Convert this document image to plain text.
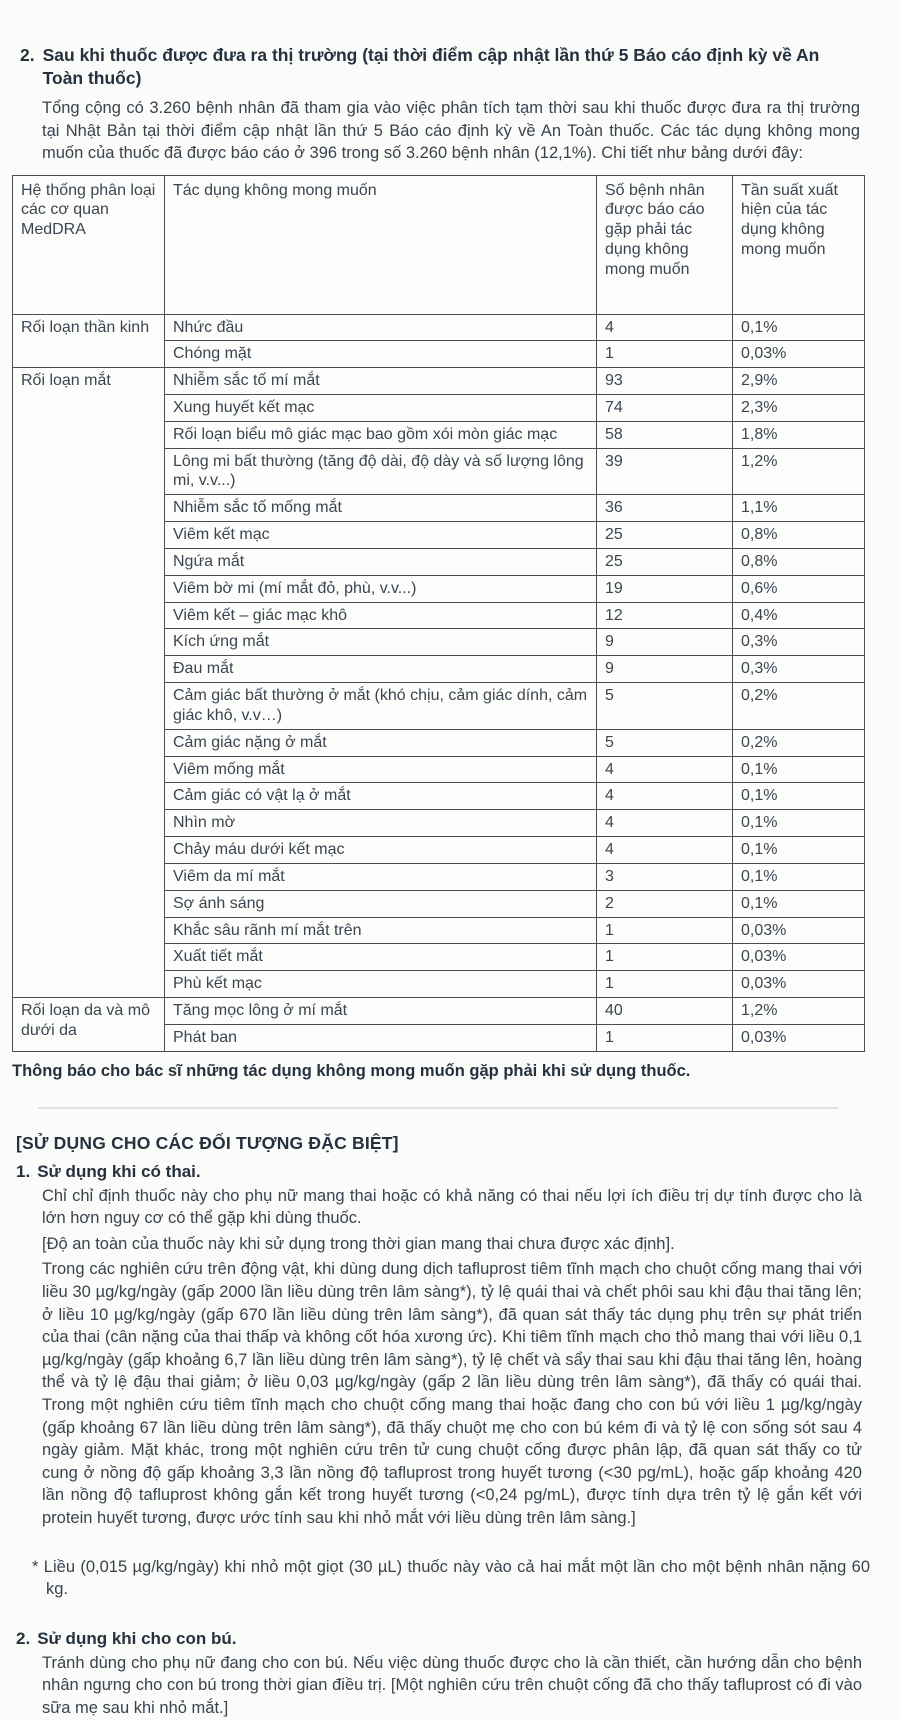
2. Sau khi thuốc được đưa ra thị trường (tại thời điểm cập nhật lần thứ 5 Báo cáo định kỳ về An Toàn thuốc)

Tổng cộng có 3.260 bệnh nhân đã tham gia vào việc phân tích tạm thời sau khi thuốc được đưa ra thị trường tại Nhật Bản tại thời điểm cập nhật lần thứ 5 Báo cáo định kỳ về An Toàn thuốc. Các tác dụng không mong muốn của thuốc đã được báo cáo ở 396 trong số 3.260 bệnh nhân (12,1%). Chi tiết như bảng dưới đây:

Hệ thống phân loại các cơ quan MedDRA	Tác dụng không mong muốn	Số bệnh nhân được báo cáo gặp phải tác dụng không mong muốn	Tần suất xuất hiện của tác dụng không mong muốn
Rối loạn thần kinh	Nhức đầu	4	0,1%
	Chóng mặt	1	0,03%
Rối loạn mắt	Nhiễm sắc tố mí mắt	93	2,9%
	Xung huyết kết mạc	74	2,3%
	Rối loạn biểu mô giác mạc bao gồm xói mòn giác mạc	58	1,8%
	Lông mi bất thường (tăng độ dài, độ dày và số lượng lông mi, v.v...)	39	1,2%
	Nhiễm sắc tố mống mắt	36	1,1%
	Viêm kết mạc	25	0,8%
	Ngứa mắt	25	0,8%
	Viêm bờ mi (mí mắt đỏ, phù, v.v...)	19	0,6%
	Viêm kết – giác mạc khô	12	0,4%
	Kích ứng mắt	9	0,3%
	Đau mắt	9	0,3%
	Cảm giác bất thường ở mắt (khó chịu, cảm giác dính, cảm giác khô, v.v…)	5	0,2%
	Cảm giác nặng ở mắt	5	0,2%
	Viêm mống mắt	4	0,1%
	Cảm giác có vật lạ ở mắt	4	0,1%
	Nhìn mờ	4	0,1%
	Chảy máu dưới kết mạc	4	0,1%
	Viêm da mí mắt	3	0,1%
	Sợ ánh sáng	2	0,1%
	Khắc sâu rãnh mí mắt trên	1	0,03%
	Xuất tiết mắt	1	0,03%
	Phù kết mạc	1	0,03%
Rối loạn da và mô dưới da	Tăng mọc lông ở mí mắt	40	1,2%
	Phát ban	1	0,03%

Thông báo cho bác sĩ những tác dụng không mong muốn gặp phải khi sử dụng thuốc.

[SỬ DỤNG CHO CÁC ĐỐI TƯỢNG ĐẶC BIỆT]
1. Sử dụng khi có thai.

Chỉ chỉ định thuốc này cho phụ nữ mang thai hoặc có khả năng có thai nếu lợi ích điều trị dự tính được cho là lớn hơn nguy cơ có thể gặp khi dùng thuốc.

[Độ an toàn của thuốc này khi sử dụng trong thời gian mang thai chưa được xác định].

Trong các nghiên cứu trên động vật, khi dùng dung dịch tafluprost tiêm tĩnh mạch cho chuột cống mang thai với liều 30 µg/kg/ngày (gấp 2000 lần liều dùng trên lâm sàng*), tỷ lệ quái thai và chết phôi sau khi đậu thai tăng lên; ở liều 10 µg/kg/ngày (gấp 670 lần liều dùng trên lâm sàng*), đã quan sát thấy tác dụng phụ trên sự phát triển của thai (cân nặng của thai thấp và không cốt hóa xương ức). Khi tiêm tĩnh mạch cho thỏ mang thai với liều 0,1 µg/kg/ngày (gấp khoảng 6,7 lần liều dùng trên lâm sàng*), tỷ lệ chết và sẩy thai sau khi đậu thai tăng lên, hoàng thể và tỷ lệ đậu thai giảm; ở liều 0,03 µg/kg/ngày (gấp 2 lần liều dùng trên lâm sàng*), đã thấy có quái thai. Trong một nghiên cứu tiêm tĩnh mạch cho chuột cống mang thai hoặc đang cho con bú với liều 1 µg/kg/ngày (gấp khoảng 67 lần liều dùng trên lâm sàng*), đã thấy chuột mẹ cho con bú kém đi và tỷ lệ con sống sót sau 4 ngày giảm. Mặt khác, trong một nghiên cứu trên tử cung chuột cống được phân lập, đã quan sát thấy co tử cung ở nồng độ gấp khoảng 3,3 lần nồng độ tafluprost trong huyết tương (<30 pg/mL), hoặc gấp khoảng 420 lần nồng độ tafluprost không gắn kết trong huyết tương (<0,24 pg/mL), được tính dựa trên tỷ lệ gắn kết với protein huyết tương, được ước tính sau khi nhỏ mắt với liều dùng trên lâm sàng.]

* Liều (0,015 µg/kg/ngày) khi nhỏ một giọt (30 µL) thuốc này vào cả hai mắt một lần cho một bệnh nhân nặng 60 kg.

2. Sử dụng khi cho con bú.

Tránh dùng cho phụ nữ đang cho con bú. Nếu việc dùng thuốc được cho là cần thiết, cần hướng dẫn cho bệnh nhân ngưng cho con bú trong thời gian điều trị. [Một nghiên cứu trên chuột cống đã cho thấy tafluprost có đi vào sữa mẹ sau khi nhỏ mắt.]
